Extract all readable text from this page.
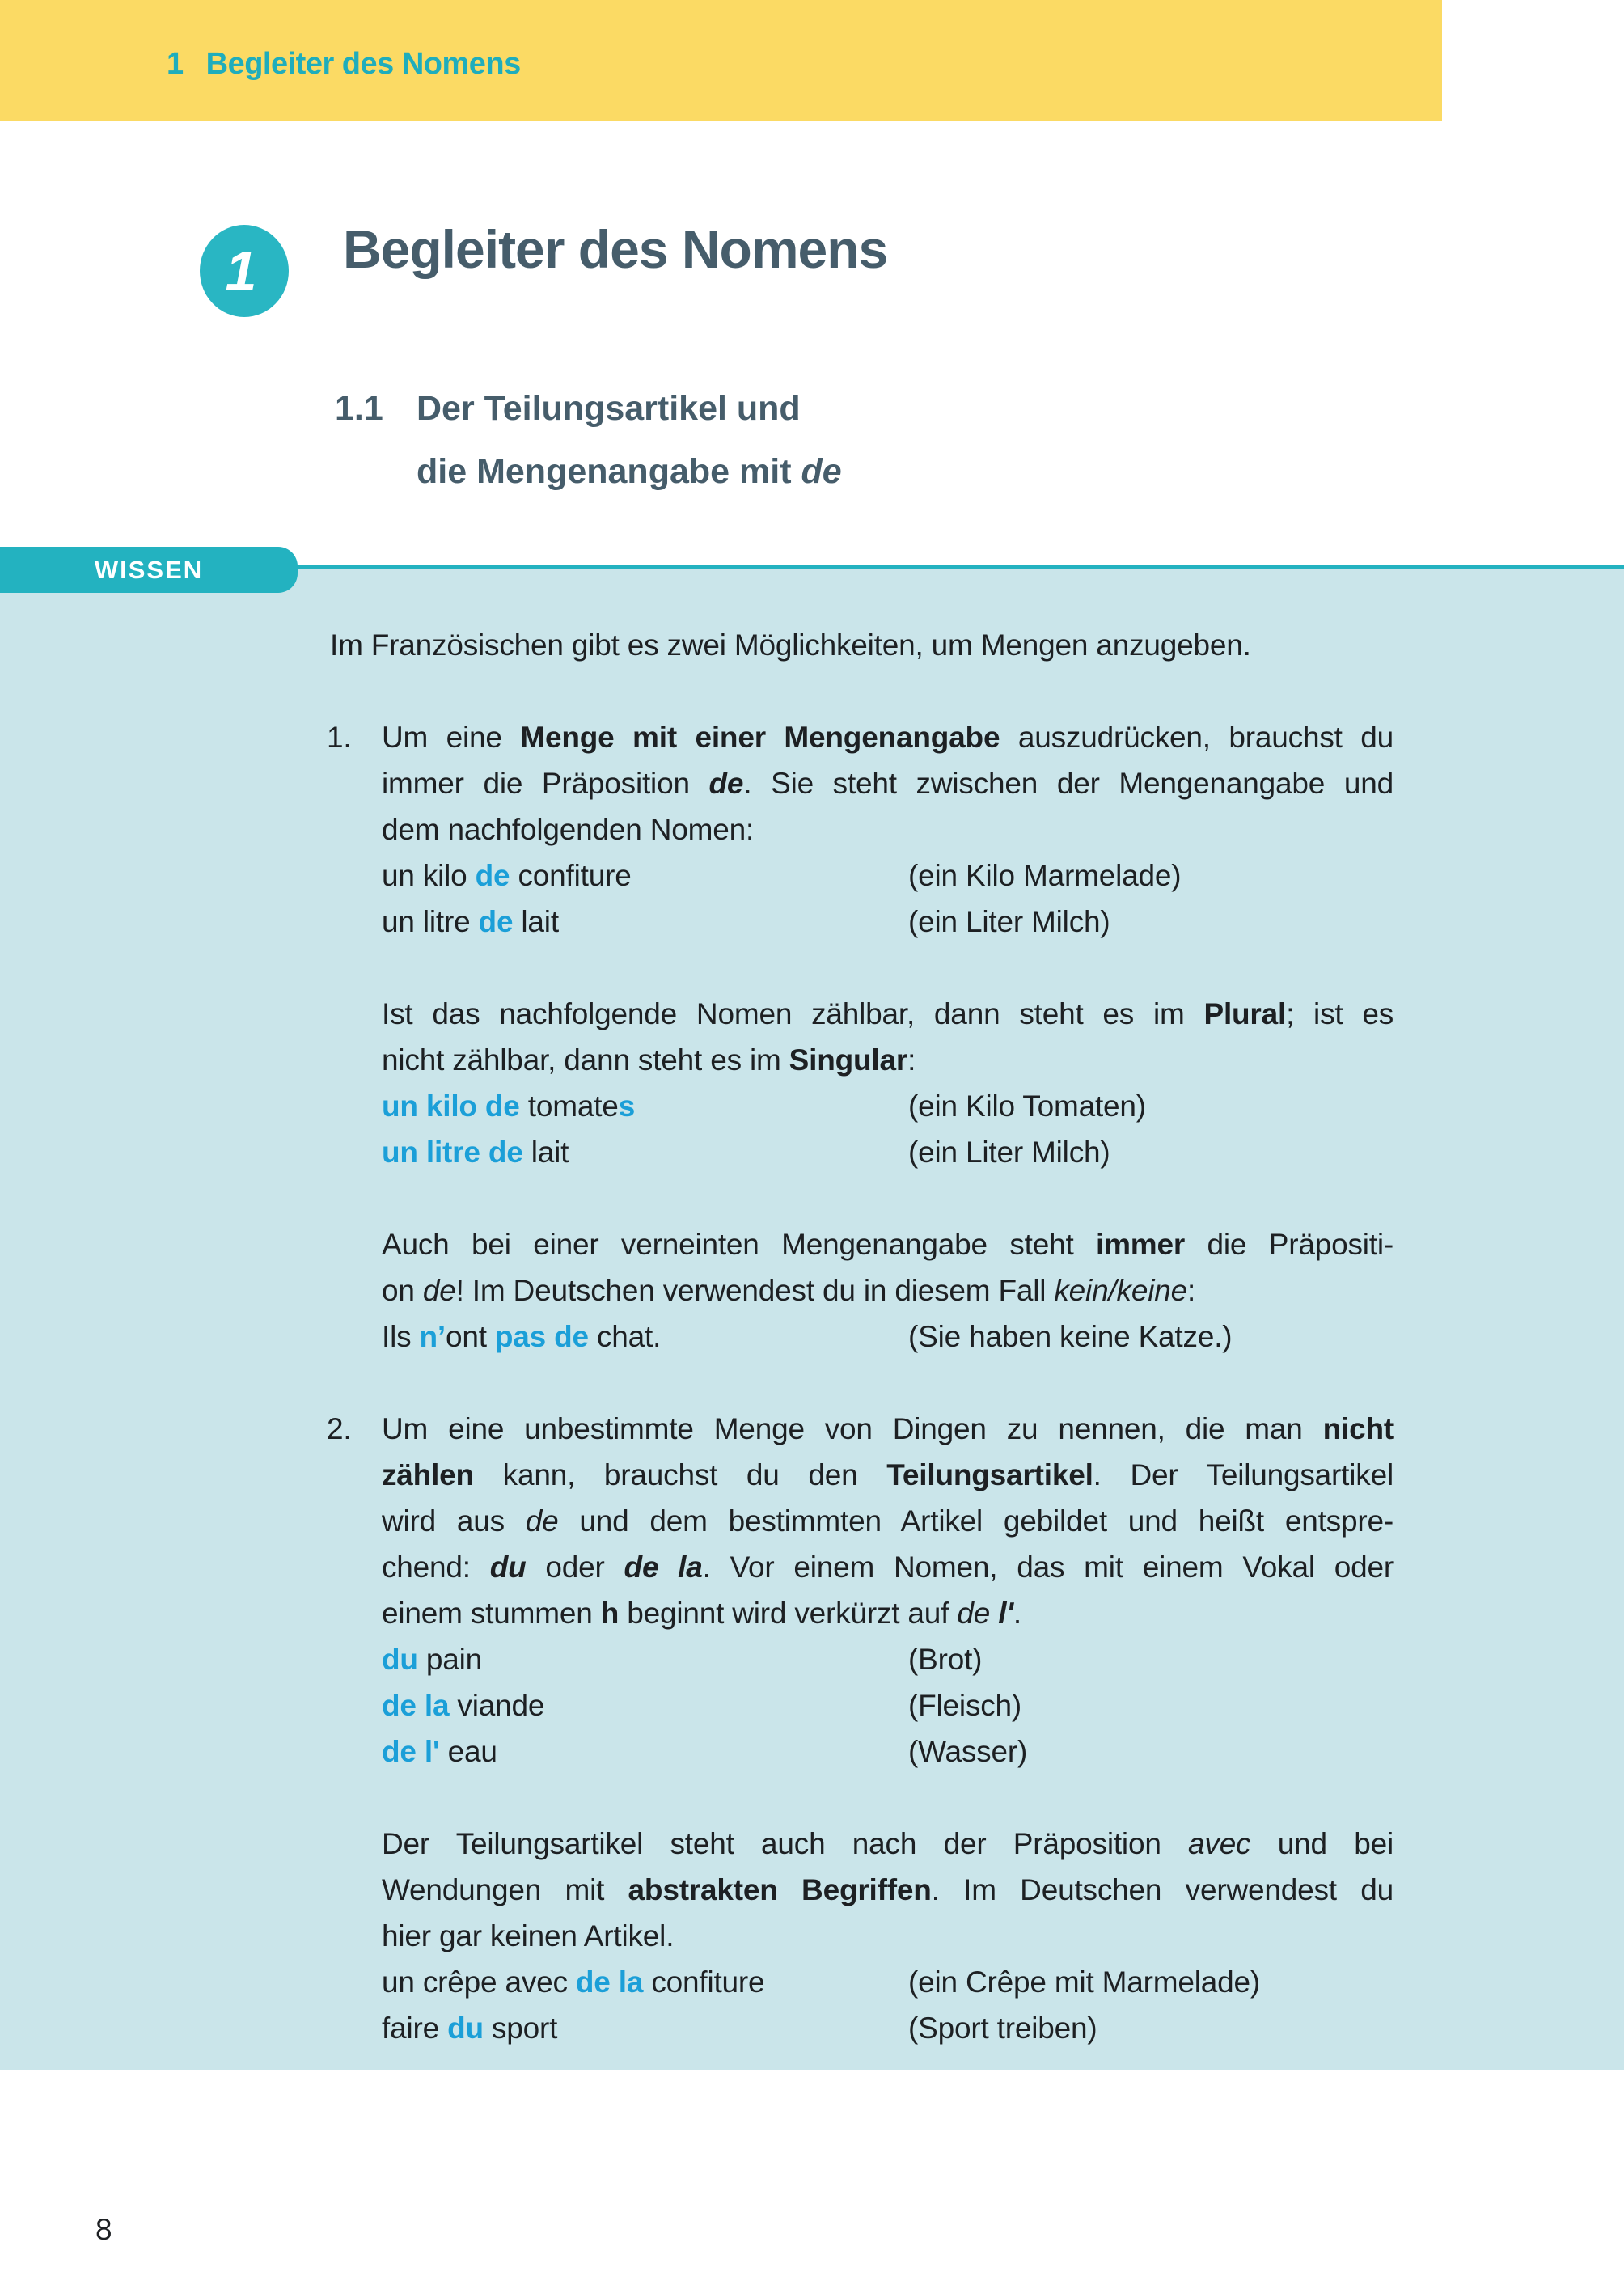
1 Begleiter des Nomens
1 Begleiter des Nomens
1.1 Der Teilungsartikel und
die Mengenangabe mit de
WISSEN
Im Französischen gibt es zwei Möglichkeiten, um Mengen anzugeben.
1. Um eine Menge mit einer Mengenangabe auszudrücken, brauchst du
immer die Präposition de. Sie steht zwischen der Mengenangabe und
dem nachfolgenden Nomen:
un kilo de confiture	(ein Kilo Marmelade)
un litre de lait	(ein Liter Milch)
Ist das nachfolgende Nomen zählbar, dann steht es im Plural; ist es
nicht zählbar, dann steht es im Singular:
un kilo de tomates	(ein Kilo Tomaten)
un litre de lait	(ein Liter Milch)
Auch bei einer verneinten Mengenangabe steht immer die Präpositi-
on de! Im Deutschen verwendest du in diesem Fall kein/keine:
Ils n’ont pas de chat.	(Sie haben keine Katze.)
2. Um eine unbestimmte Menge von Dingen zu nennen, die man nicht
zählen kann, brauchst du den Teilungsartikel. Der Teilungsartikel
wird aus de und dem bestimmten Artikel gebildet und heißt entspre-
chend: du oder de la. Vor einem Nomen, das mit einem Vokal oder
einem stummen h beginnt wird verkürzt auf de l'.
du pain	(Brot)
de la viande	(Fleisch)
de l' eau	(Wasser)
Der Teilungsartikel steht auch nach der Präposition avec und bei
Wendungen mit abstrakten Begriffen. Im Deutschen verwendest du
hier gar keinen Artikel.
un crêpe avec de la confiture	(ein Crêpe mit Marmelade)
faire du sport	(Sport treiben)
8
